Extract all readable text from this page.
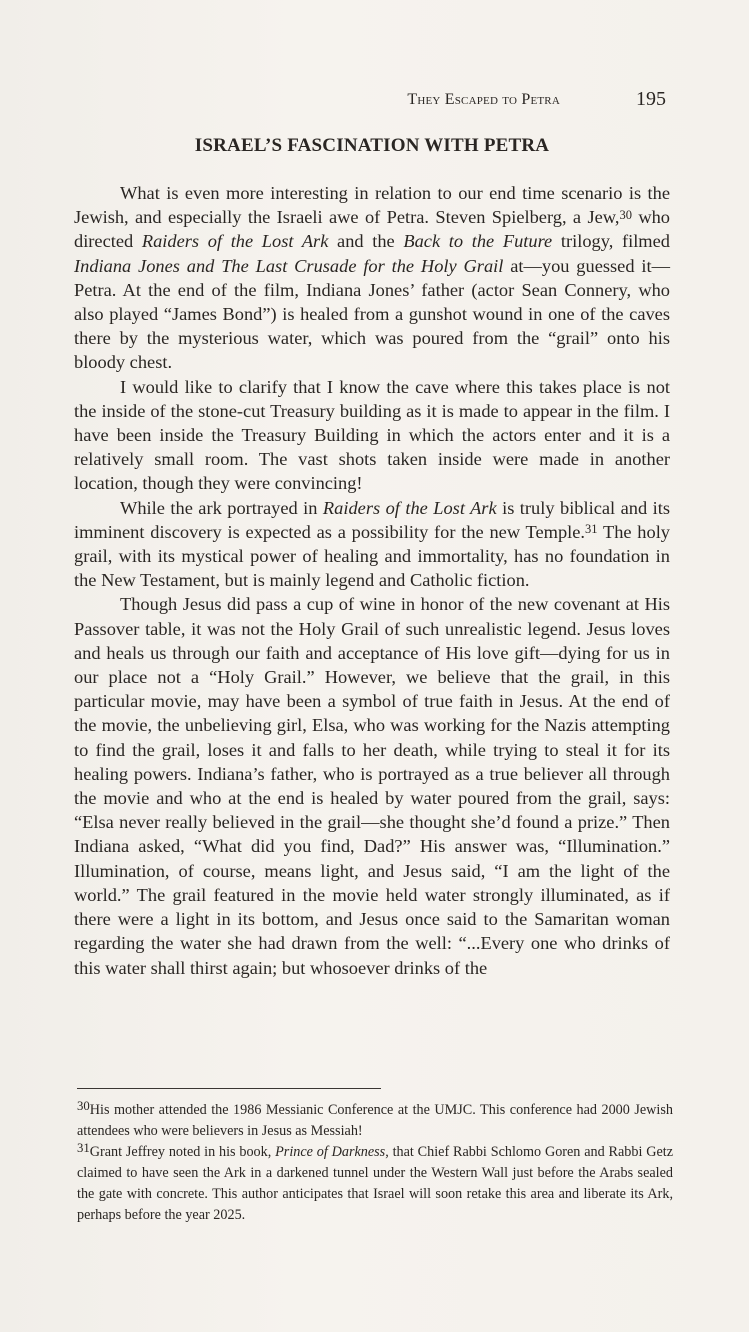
They Escaped to Petra	195
ISRAEL’S FASCINATION WITH PETRA

What is even more interesting in relation to our end time scenario is the Jewish, and especially the Israeli awe of Petra. Steven Spielberg, a Jew,$^{30}$ who directed Raiders of the Lost Ark and the Back to the Future trilogy, filmed Indiana Jones and The Last Crusade for the Holy Grail at—you guessed it—Petra. At the end of the film, Indiana Jones’ father (actor Sean Connery, who also played “James Bond”) is healed from a gunshot wound in one of the caves there by the mysterious water, which was poured from the “grail” onto his bloody chest.

I would like to clarify that I know the cave where this takes place is not the inside of the stone-cut Treasury building as it is made to appear in the film. I have been inside the Treasury Building in which the actors enter and it is a relatively small room. The vast shots taken inside were made in another location, though they were convincing!

While the ark portrayed in Raiders of the Lost Ark is truly biblical and its imminent discovery is expected as a possibility for the new Temple.$^{31}$ The holy grail, with its mystical power of healing and immortality, has no foundation in the New Testament, but is mainly legend and Catholic fiction.

Though Jesus did pass a cup of wine in honor of the new covenant at His Passover table, it was not the Holy Grail of such unrealistic legend. Jesus loves and heals us through our faith and acceptance of His love gift—dying for us in our place not a “Holy Grail.” However, we believe that the grail, in this particular movie, may have been a symbol of true faith in Jesus. At the end of the movie, the unbelieving girl, Elsa, who was working for the Nazis attempting to find the grail, loses it and falls to her death, while trying to steal it for its healing powers. Indiana’s father, who is portrayed as a true believer all through the movie and who at the end is healed by water poured from the grail, says: “Elsa never really believed in the grail—she thought she’d found a prize.” Then Indiana asked, “What did you find, Dad?” His answer was, “Illumination.” Illumination, of course, means light, and Jesus said, “I am the light of the world.” The grail featured in the movie held water strongly illuminated, as if there were a light in its bottom, and Jesus once said to the Samaritan woman regarding the water she had drawn from the well: “...Every one who drinks of this water shall thirst again; but whosoever drinks of the

$^{30}$His mother attended the 1986 Messianic Conference at the UMJC. This conference had 2000 Jewish attendees who were believers in Jesus as Messiah!

$^{31}$Grant Jeffrey noted in his book, Prince of Darkness, that Chief Rabbi Schlomo Goren and Rabbi Getz claimed to have seen the Ark in a darkened tunnel under the Western Wall just before the Arabs sealed the gate with concrete. This author anticipates that Israel will soon retake this area and liberate its Ark, perhaps before the year 2025.
